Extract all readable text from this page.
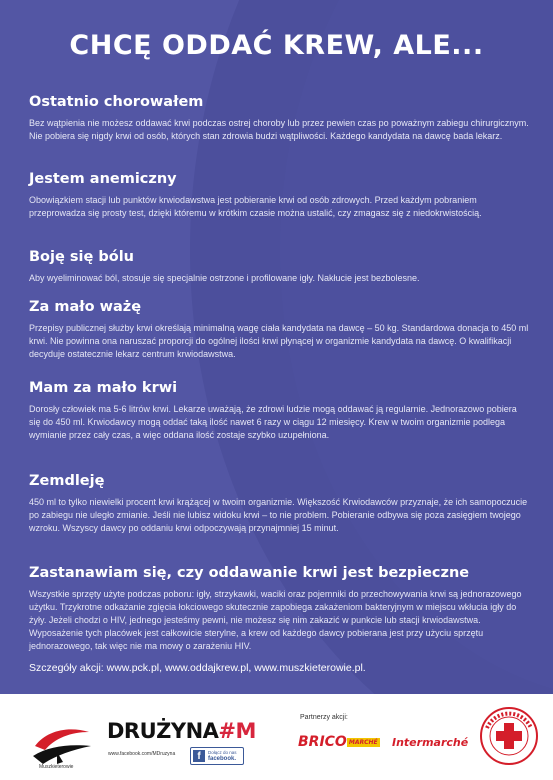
CHCĘ ODDAĆ KREW, ALE...
Ostatnio chorowałem

Bez wątpienia nie możesz oddawać krwi podczas ostrej choroby lub przez pewien czas po poważnym zabiegu chirurgicznym. Nie pobiera się nigdy krwi od osób, których stan zdrowia budzi wątpliwości. Każdego kandydata na dawcę bada lekarz.

Jestem anemiczny

Obowiązkiem stacji lub punktów krwiodawstwa jest pobieranie krwi od osób zdrowych. Przed każdym pobraniem przeprowadza się prosty test, dzięki któremu w krótkim czasie można ustalić, czy zmagasz się z niedokrwistością.

Boję się bólu

Aby wyeliminować ból, stosuje się specjalnie ostrzone i profilowane igły. Nakłucie jest bezbolesne.

Za mało ważę

Przepisy publicznej służby krwi określają minimalną wagę ciała kandydata na dawcę – 50 kg. Standardowa donacja to 450 ml krwi. Nie powinna ona naruszać proporcji do ogólnej ilości krwi płynącej w organizmie kandydata na dawcę. O kwalifikacji decyduje ostatecznie lekarz centrum krwiodawstwa.

Mam za mało krwi

Dorosły człowiek ma 5-6 litrów krwi. Lekarze uważają, że zdrowi ludzie mogą oddawać ją regularnie. Jednorazowo pobiera się do 450 ml. Krwiodawcy mogą oddać taką ilość nawet 6 razy w ciągu 12 miesięcy. Krew w twoim organizmie podlega wymianie przez cały czas, a więc oddana ilość zostaje szybko uzupełniona.

Zemdleję

450 ml to tylko niewielki procent krwi krążącej w twoim organizmie. Większość Krwiodawców przyznaje, że ich samopoczucie po zabiegu nie uległo zmianie. Jeśli nie lubisz widoku krwi – to nie problem. Pobieranie odbywa się poza zasięgiem twojego wzroku. Wszyscy dawcy po oddaniu krwi odpoczywają przynajmniej 15 minut.

Zastanawiam się, czy oddawanie krwi jest bezpieczne

Wszystkie sprzęty użyte podczas poboru: igły, strzykawki, waciki oraz pojemniki do przechowywania krwi są jednorazowego użytku. Trzykrotne odkażanie zgięcia łokciowego skutecznie zapobiega zakażeniom bakteryjnym w miejscu wkłucia igły do żyły. Jeżeli chodzi o HIV, jednego jesteśmy pewni, nie możesz się nim zakazić w punkcie lub stacji krwiodawstwa. Wyposażenie tych placówek jest całkowicie sterylne, a krew od każdego dawcy pobierana jest przy użyciu sprzętu jednorazowego, tak więc nie ma mowy o zarażeniu HIV.

Szczegóły akcji: www.pck.pl, www.oddajkrew.pl, www.muszkieterowie.pl.
Muszkieterowie
DRUŻYNA#M
www.facebook.com/MDruzyna	f	Dołącz do nas
facebook.
Partnerzy akcji:
BRICO MARCHÉ Intermarché
